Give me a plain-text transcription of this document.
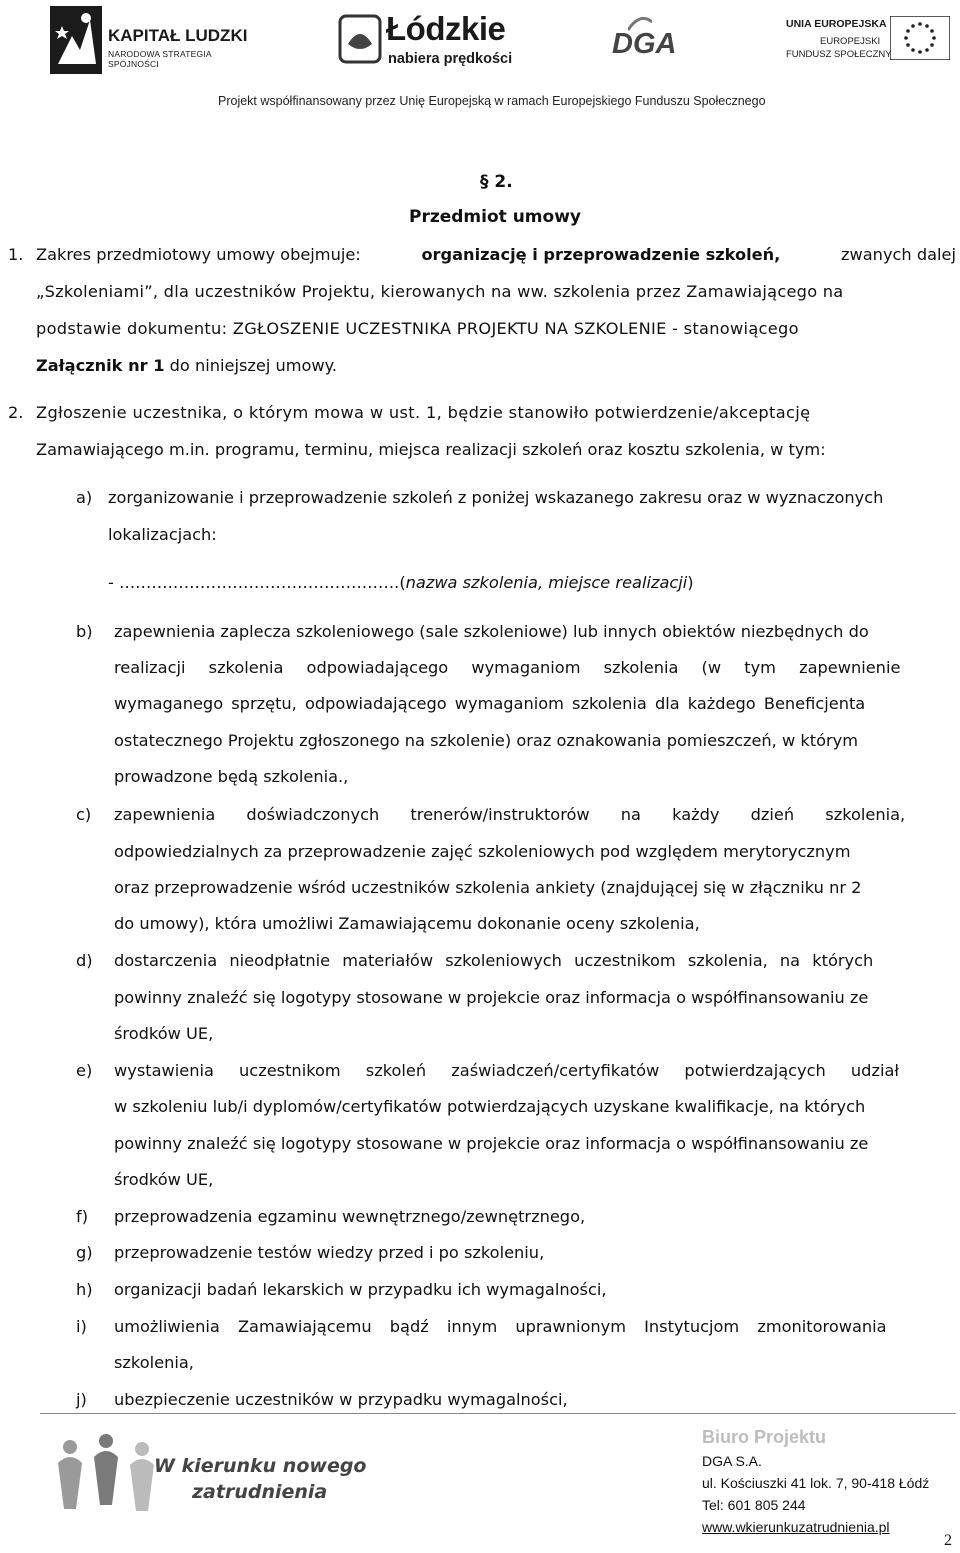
KAPITAŁ LUDZKI
NARODOWA STRATEGIA SPÓJNOŚCI
Łódzkie
nabiera prędkości	DGA
UNIA EUROPEJSKA
EUROPEJSKI
FUNDUSZ SPOŁECZNY
Projekt współfinansowany przez Unię Europejską w ramach Europejskiego Funduszu Społecznego
§ 2.
Przedmiot umowy
1. Zakres przedmiotowy umowy obejmuje:	organizację i przeprowadzenie szkoleń,	zwanych dalej
„Szkoleniami”, dla uczestników Projektu, kierowanych na ww. szkolenia przez Zamawiającego na
podstawie dokumentu: ZGŁOSZENIE UCZESTNIKA PROJEKTU NA SZKOLENIE - stanowiącego
Załącznik nr 1 do niniejszej umowy.
2. Zgłoszenie uczestnika, o którym mowa w ust. 1, będzie stanowiło potwierdzenie/akceptację
Zamawiającego m.in. programu, terminu, miejsca realizacji szkoleń oraz kosztu szkolenia, w tym:
a) zorganizowanie i przeprowadzenie szkoleń z poniżej wskazanego zakresu oraz w wyznaczonych
lokalizacjach:
- …………………………………………….(nazwa szkolenia, miejsce realizacji)
b) zapewnienia zaplecza szkoleniowego (sale szkoleniowe) lub innych obiektów niezbędnych do
realizacji szkolenia odpowiadającego wymaganiom szkolenia (w tym zapewnienie
wymaganego sprzętu, odpowiadającego wymaganiom szkolenia dla każdego Beneficjenta
ostatecznego Projektu zgłoszonego na szkolenie) oraz oznakowania pomieszczeń, w którym
prowadzone będą szkolenia.,
c) zapewnienia doświadczonych trenerów/instruktorów na każdy dzień szkolenia,
odpowiedzialnych za przeprowadzenie zajęć szkoleniowych pod względem merytorycznym
oraz przeprowadzenie wśród uczestników szkolenia ankiety (znajdującej się w złączniku nr 2
do umowy), która umożliwi Zamawiającemu dokonanie oceny szkolenia,
d) dostarczenia nieodpłatnie materiałów szkoleniowych uczestnikom szkolenia, na których
powinny znaleźć się logotypy stosowane w projekcie oraz informacja o współfinansowaniu ze
środków UE,
e) wystawienia uczestnikom szkoleń zaświadczeń/certyfikatów potwierdzających udział
w szkoleniu lub/i dyplomów/certyfikatów potwierdzających uzyskane kwalifikacje, na których
powinny znaleźć się logotypy stosowane w projekcie oraz informacja o współfinansowaniu ze
środków UE,
f) przeprowadzenia egzaminu wewnętrznego/zewnętrznego,
g) przeprowadzenie testów wiedzy przed i po szkoleniu,
h) organizacji badań lekarskich w przypadku ich wymagalności,
i) umożliwienia Zamawiającemu bądź innym uprawnionym Instytucjom zmonitorowania
szkolenia,
j) ubezpieczenie uczestników w przypadku wymagalności,
W kierunku nowego
zatrudnienia
Biuro Projektu
DGA S.A.
ul. Kościuszki 41 lok. 7, 90-418 Łódź
Tel: 601 805 244
www.wkierunkuzatrudnienia.pl
2
